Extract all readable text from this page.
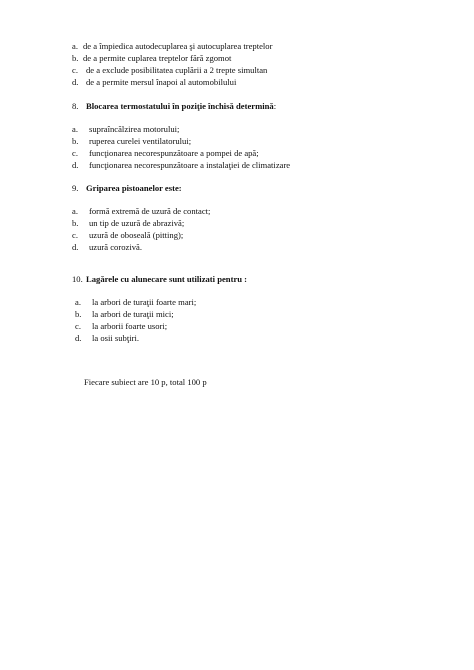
a. de a împiedica autodecuplarea şi autocuplarea treptelor
b. de a permite cuplarea treptelor fără zgomot
c. de a exclude posibilitatea cuplării a 2 trepte simultan
d. de a permite mersul înapoi al automobilului
8. Blocarea termostatului în poziţie închisă determină:
a. supraîncălzirea motorului;
b. ruperea curelei ventilatorului;
c. funcţionarea necorespunzătoare a pompei de apă;
d. funcţionarea necorespunzătoare a instalaţiei de climatizare
9. Griparea pistoanelor este:
a. formă extremă de uzură de contact;
b. un tip de uzură de abrazivă;
c. uzură de oboseală (pitting);
d. uzură corozivă.
10. Lagărele cu alunecare sunt utilizati pentru :
a. la arbori de turaţii foarte mari;
b. la arbori de turaţii mici;
c. la arborii foarte usori;
d. la osii subţiri.
Fiecare subiect are 10 p, total 100 p
